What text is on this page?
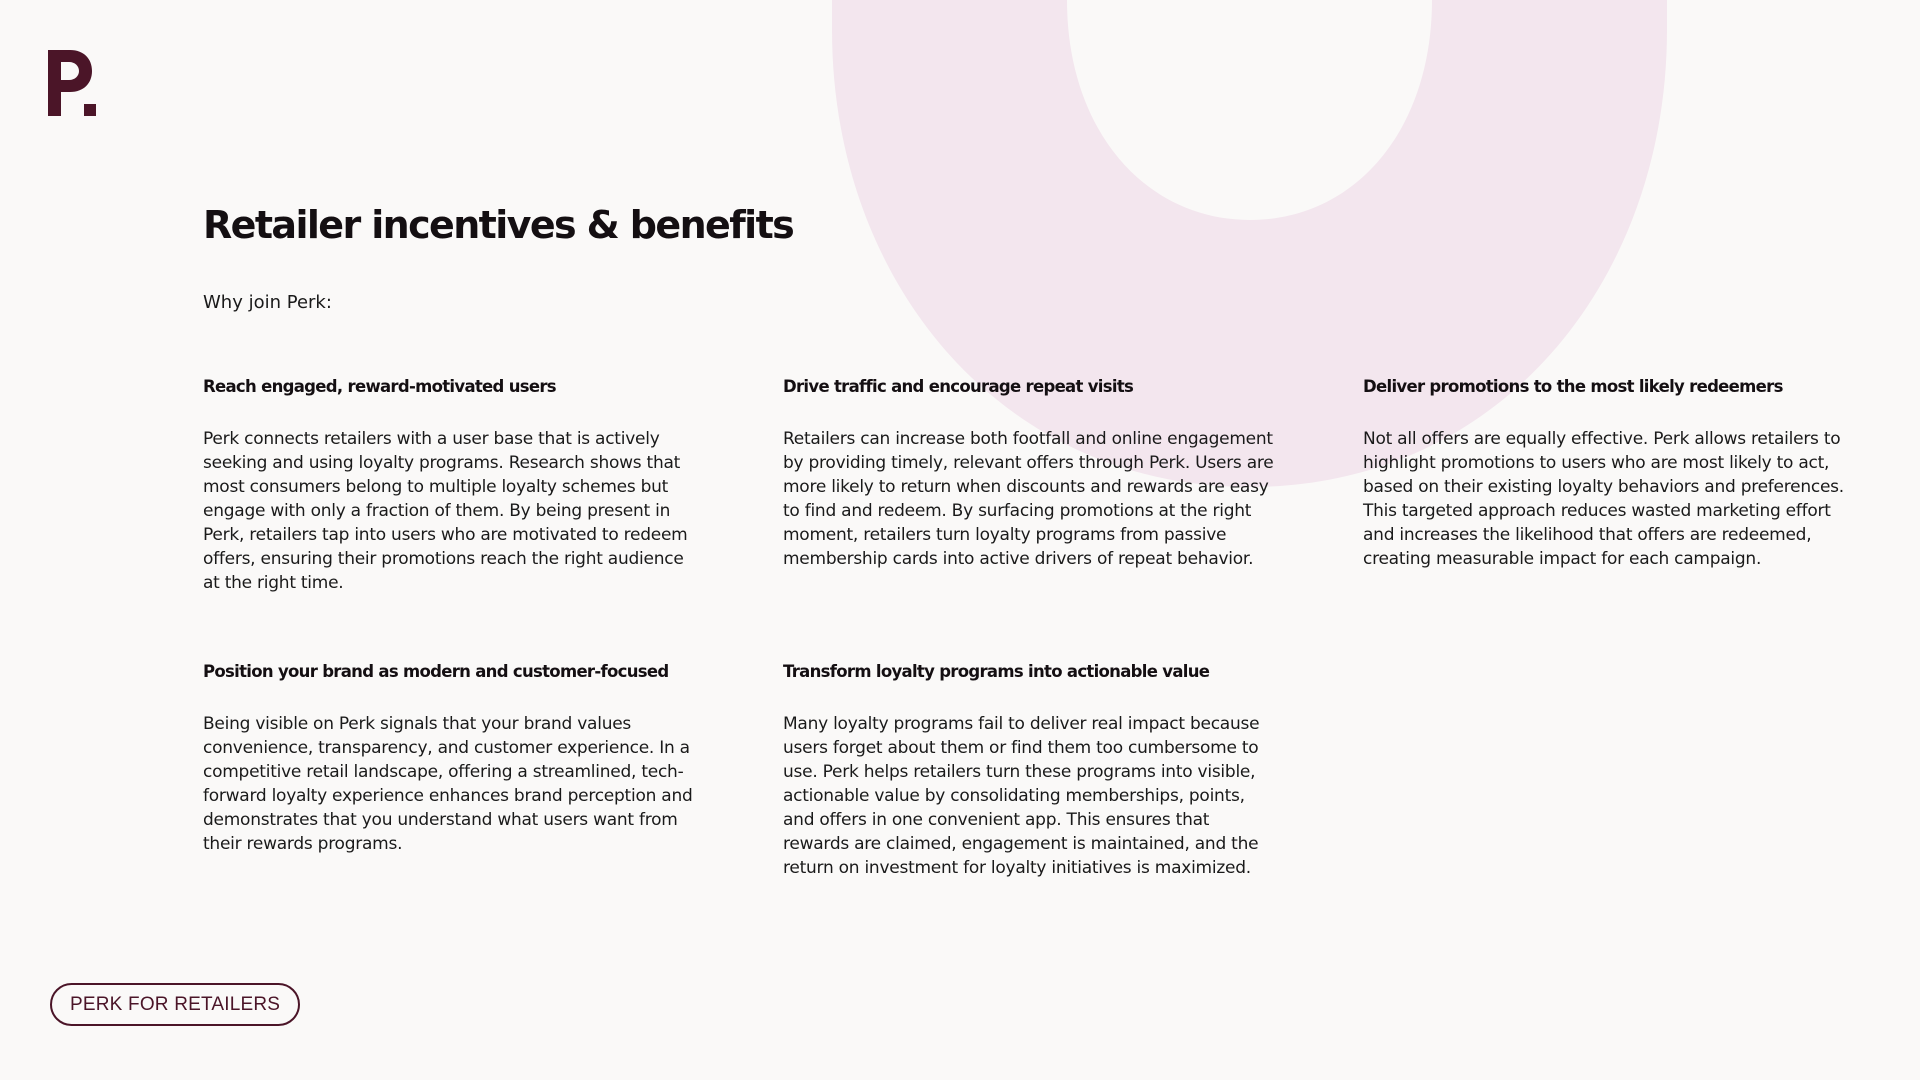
Retailer incentives & benefits

Why join Perk:

Reach engaged, reward-motivated users

Perk connects retailers with a user base that is actively seeking and using loyalty programs. Research shows that most consumers belong to multiple loyalty schemes but engage with only a fraction of them. By being present in Perk, retailers tap into users who are motivated to redeem offers, ensuring their promotions reach the right audience at the right time.

Drive traffic and encourage repeat visits

Retailers can increase both footfall and online engagement by providing timely, relevant offers through Perk. Users are more likely to return when discounts and rewards are easy to find and redeem. By surfacing promotions at the right moment, retailers turn loyalty programs from passive membership cards into active drivers of repeat behavior.

Deliver promotions to the most likely redeemers

Not all offers are equally effective. Perk allows retailers to highlight promotions to users who are most likely to act, based on their existing loyalty behaviors and preferences. This targeted approach reduces wasted marketing effort and increases the likelihood that offers are redeemed, creating measurable impact for each campaign.

Position your brand as modern and customer-focused

Being visible on Perk signals that your brand values convenience, transparency, and customer experience. In a competitive retail landscape, offering a streamlined, tech-forward loyalty experience enhances brand perception and demonstrates that you understand what users want from their rewards programs.

Transform loyalty programs into actionable value

Many loyalty programs fail to deliver real impact because users forget about them or find them too cumbersome to use. Perk helps retailers turn these programs into visible, actionable value by consolidating memberships, points, and offers in one convenient app. This ensures that rewards are claimed, engagement is maintained, and the return on investment for loyalty initiatives is maximized.

PERK FOR RETAILERS
